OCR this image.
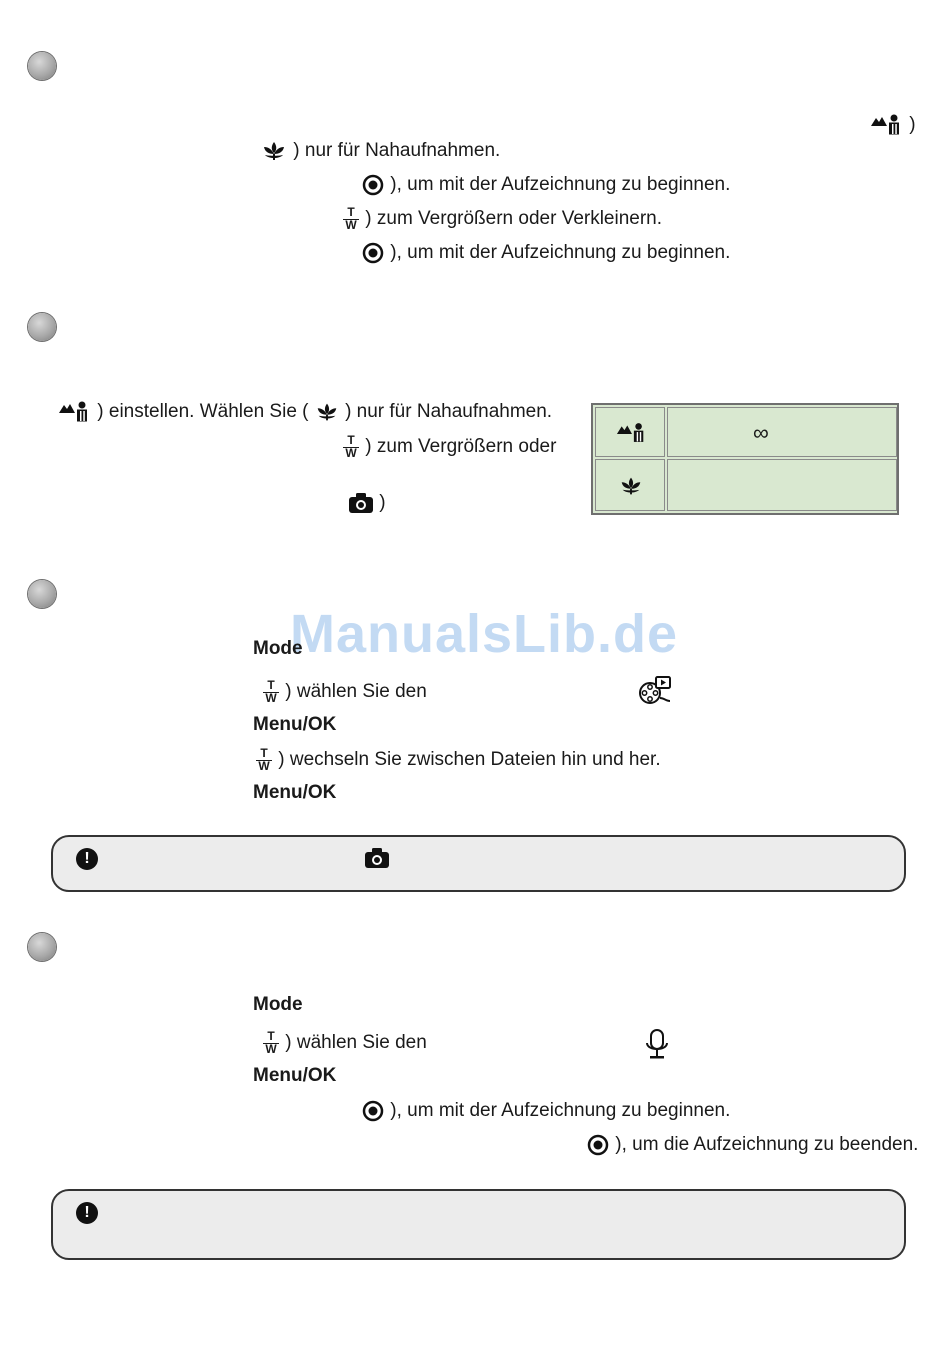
ManualsLib.de
)
) nur für Nahaufnahmen.
), um mit der Aufzeichnung zu beginnen.
$\frac{T}{W}$ ) zum Vergrößern oder Verkleinern.
), um mit der Aufzeichnung zu beginnen.
) einstellen. Wählen Sie ( ) nur für Nahaufnahmen.
$\frac{T}{W}$ ) zum Vergrößern oder
)
∞
Mode
$\frac{T}{W}$ ) wählen Sie den
Menu/OK
$\frac{T}{W}$ ) wechseln Sie zwischen Dateien hin und her.
Menu/OK
!
Mode
$\frac{T}{W}$ ) wählen Sie den
Menu/OK
), um mit der Aufzeichnung zu beginnen.
), um die Aufzeichnung zu beenden.
!
